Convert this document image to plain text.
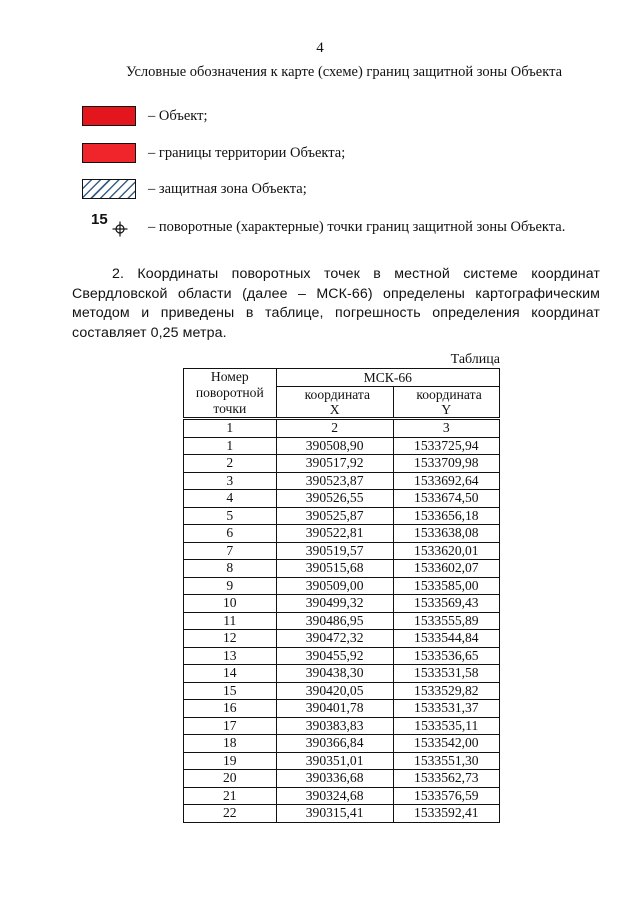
4
Условные обозначения к карте (схеме) границ защитной зоны Объекта
– Объект;
– границы территории Объекта;
– защитная зона Объекта;
15	– поворотные (характерные) точки границ защитной зоны Объекта.
2. Координаты поворотных точек в местной системе координат Свердловской области (далее – МСК-66) определены картографическим методом и приведены в таблице, погрешность определения координат составляет 0,25 метра.
Таблица
Номер поворотной точки	МСК-66	

	координата X	координата Y

1	2	3
1	390508,90	1533725,94
2	390517,92	1533709,98
3	390523,87	1533692,64
4	390526,55	1533674,50
5	390525,87	1533656,18
6	390522,81	1533638,08
7	390519,57	1533620,01
8	390515,68	1533602,07
9	390509,00	1533585,00
10	390499,32	1533569,43
11	390486,95	1533555,89
12	390472,32	1533544,84
13	390455,92	1533536,65
14	390438,30	1533531,58
15	390420,05	1533529,82
16	390401,78	1533531,37
17	390383,83	1533535,11
18	390366,84	1533542,00
19	390351,01	1533551,30
20	390336,68	1533562,73
21	390324,68	1533576,59
22	390315,41	1533592,41
